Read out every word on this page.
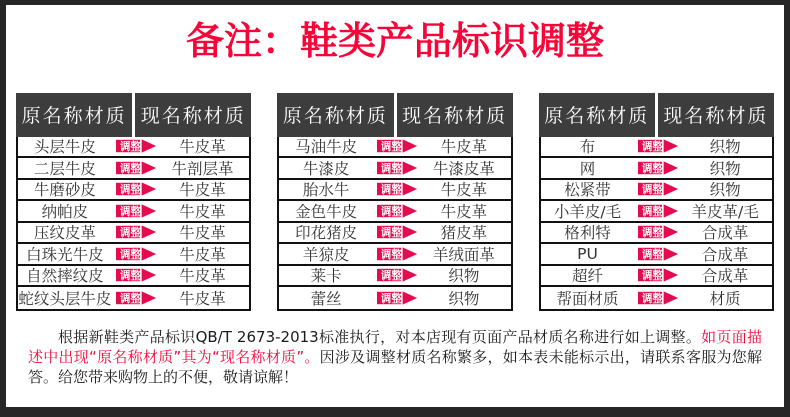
备注：鞋类产品标识调整
原名称材质 现名称材质
头层牛皮	调整	牛皮革
二层牛皮	调整	牛剖层革
牛磨砂皮	调整	牛皮革
纳帕皮	调整	牛皮革
压纹皮革	调整	牛皮革
白珠光牛皮	调整	牛皮革
自然摔纹皮	调整	牛皮革
蛇纹头层牛皮 调整	牛皮革
原名称材质 现名称材质
马油牛皮	调整	牛皮革
牛漆皮	调整	牛漆皮革
胎水牛	调整	牛皮革
金色牛皮	调整	牛皮革
印花猪皮	调整	猪皮革
羊猄皮	调整	羊绒面革
莱卡	调整	织物
蕾丝	调整	织物
原名称材质 现名称材质
布	调整	织物
网	调整	织物
松紧带	调整	织物
小羊皮/毛	调整	羊皮革/毛
格利特	调整	合成革
PU	调整	合成革
超纤	调整	合成革
帮面材质	调整	材质

根据新鞋类产品标识QB/T 2673-2013标准执行，对本店现有页面产品材质名称进行如上调整。如页面描述中出现“原名称材质”其为“现名称材质”。因涉及调整材质名称繁多，如本表未能标示出，请联系客服为您解答。给您带来购物上的不便，敬请谅解！
